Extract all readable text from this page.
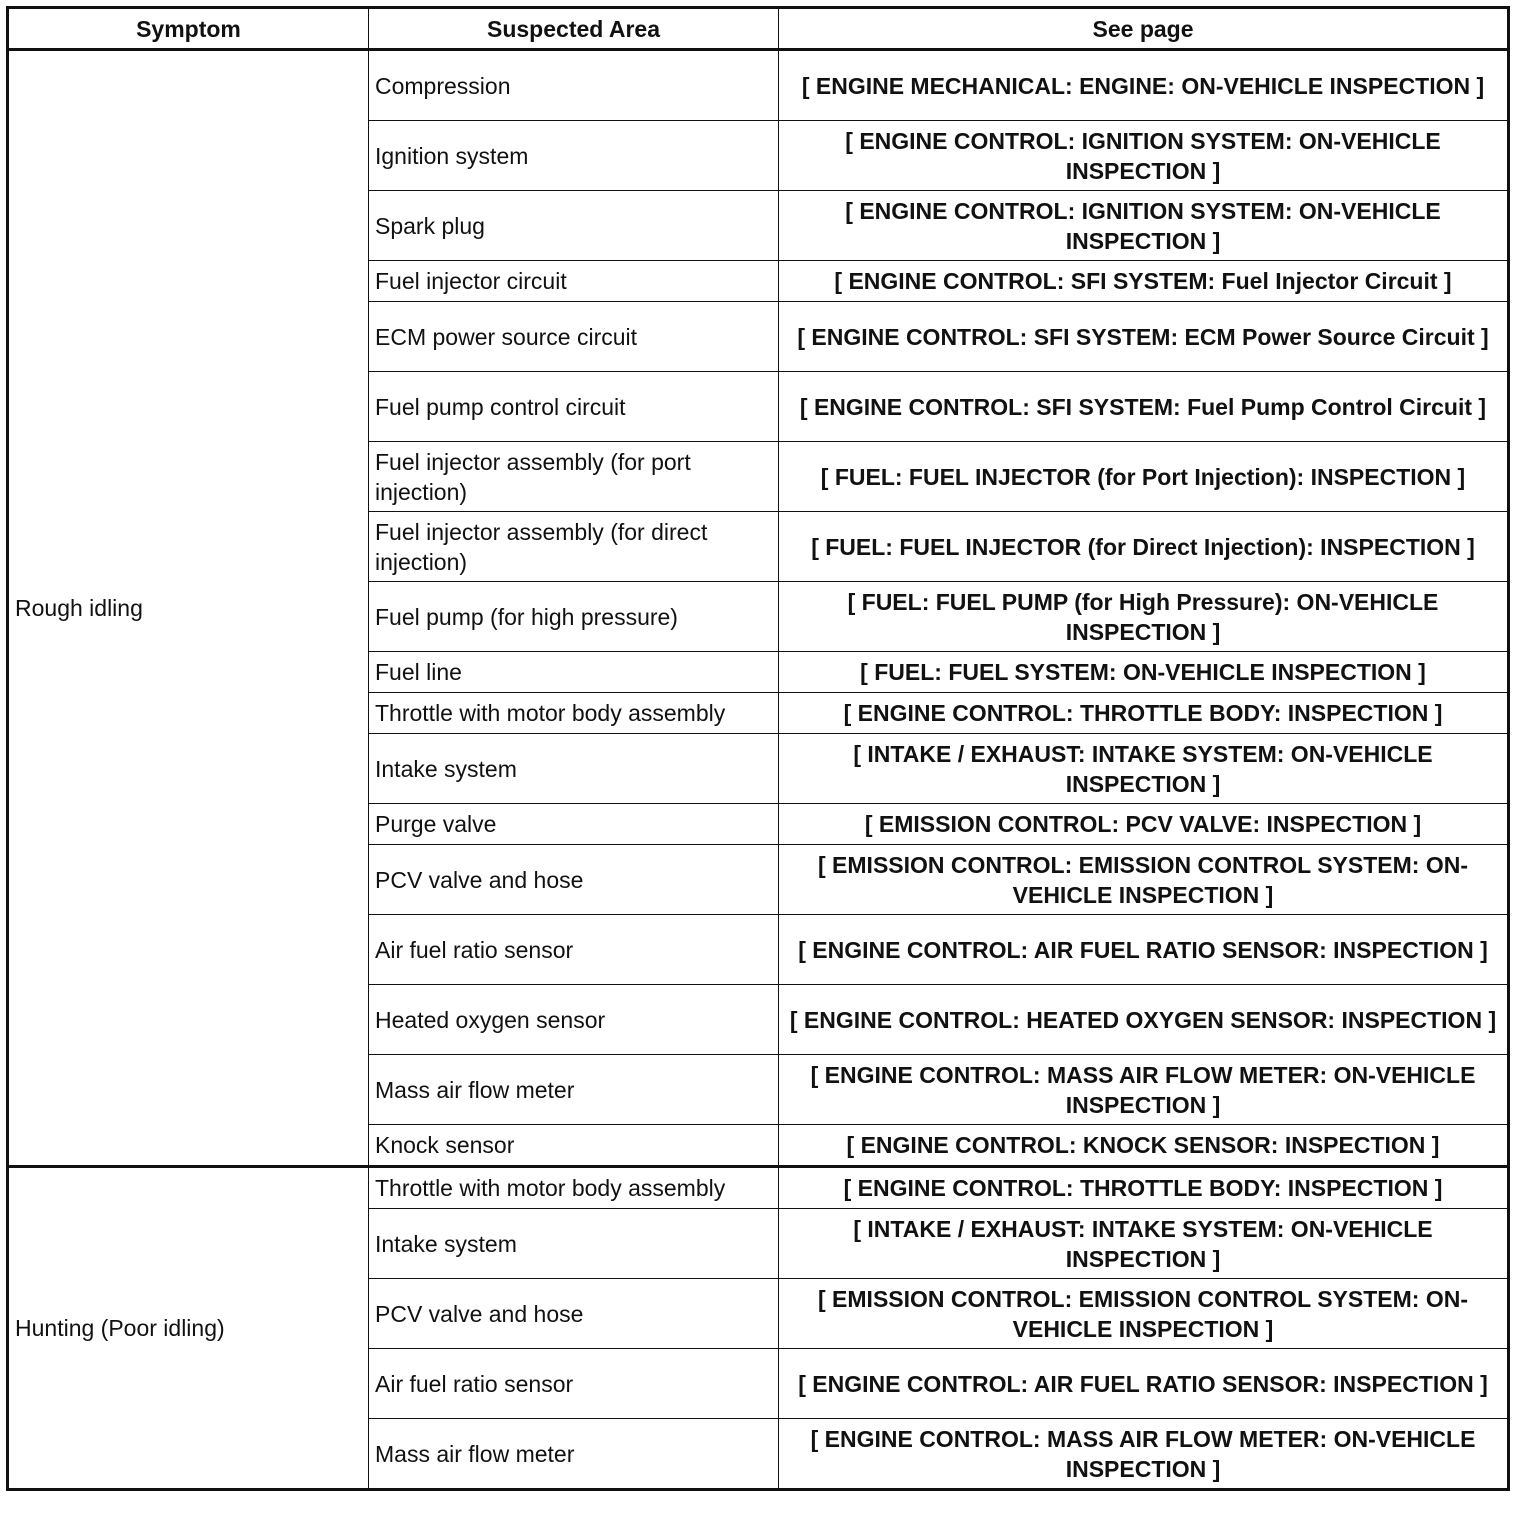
Symptom	Suspected Area	See page
Rough idling	Compression	[ ENGINE MECHANICAL: ENGINE: ON-VEHICLE INSPECTION ]
	Ignition system	[ ENGINE CONTROL: IGNITION SYSTEM: ON-VEHICLE INSPECTION ]
	Spark plug	[ ENGINE CONTROL: IGNITION SYSTEM: ON-VEHICLE INSPECTION ]
	Fuel injector circuit	[ ENGINE CONTROL: SFI SYSTEM: Fuel Injector Circuit ]
	ECM power source circuit	[ ENGINE CONTROL: SFI SYSTEM: ECM Power Source Circuit ]
	Fuel pump control circuit	[ ENGINE CONTROL: SFI SYSTEM: Fuel Pump Control Circuit ]
	Fuel injector assembly (for port injection)	[ FUEL: FUEL INJECTOR (for Port Injection): INSPECTION ]
	Fuel injector assembly (for direct injection)	[ FUEL: FUEL INJECTOR (for Direct Injection): INSPECTION ]
	Fuel pump (for high pressure)	[ FUEL: FUEL PUMP (for High Pressure): ON-VEHICLE INSPECTION ]
	Fuel line	[ FUEL: FUEL SYSTEM: ON-VEHICLE INSPECTION ]
	Throttle with motor body assembly	[ ENGINE CONTROL: THROTTLE BODY: INSPECTION ]
	Intake system	[ INTAKE / EXHAUST: INTAKE SYSTEM: ON-VEHICLE INSPECTION ]
	Purge valve	[ EMISSION CONTROL: PCV VALVE: INSPECTION ]
	PCV valve and hose	[ EMISSION CONTROL: EMISSION CONTROL SYSTEM: ON-VEHICLE INSPECTION ]
	Air fuel ratio sensor	[ ENGINE CONTROL: AIR FUEL RATIO SENSOR: INSPECTION ]
	Heated oxygen sensor	[ ENGINE CONTROL: HEATED OXYGEN SENSOR: INSPECTION ]
	Mass air flow meter	[ ENGINE CONTROL: MASS AIR FLOW METER: ON-VEHICLE INSPECTION ]
	Knock sensor	[ ENGINE CONTROL: KNOCK SENSOR: INSPECTION ]
Hunting (Poor idling)	Throttle with motor body assembly	[ ENGINE CONTROL: THROTTLE BODY: INSPECTION ]
	Intake system	[ INTAKE / EXHAUST: INTAKE SYSTEM: ON-VEHICLE INSPECTION ]
	PCV valve and hose	[ EMISSION CONTROL: EMISSION CONTROL SYSTEM: ON-VEHICLE INSPECTION ]
	Air fuel ratio sensor	[ ENGINE CONTROL: AIR FUEL RATIO SENSOR: INSPECTION ]
	Mass air flow meter	[ ENGINE CONTROL: MASS AIR FLOW METER: ON-VEHICLE INSPECTION ]
